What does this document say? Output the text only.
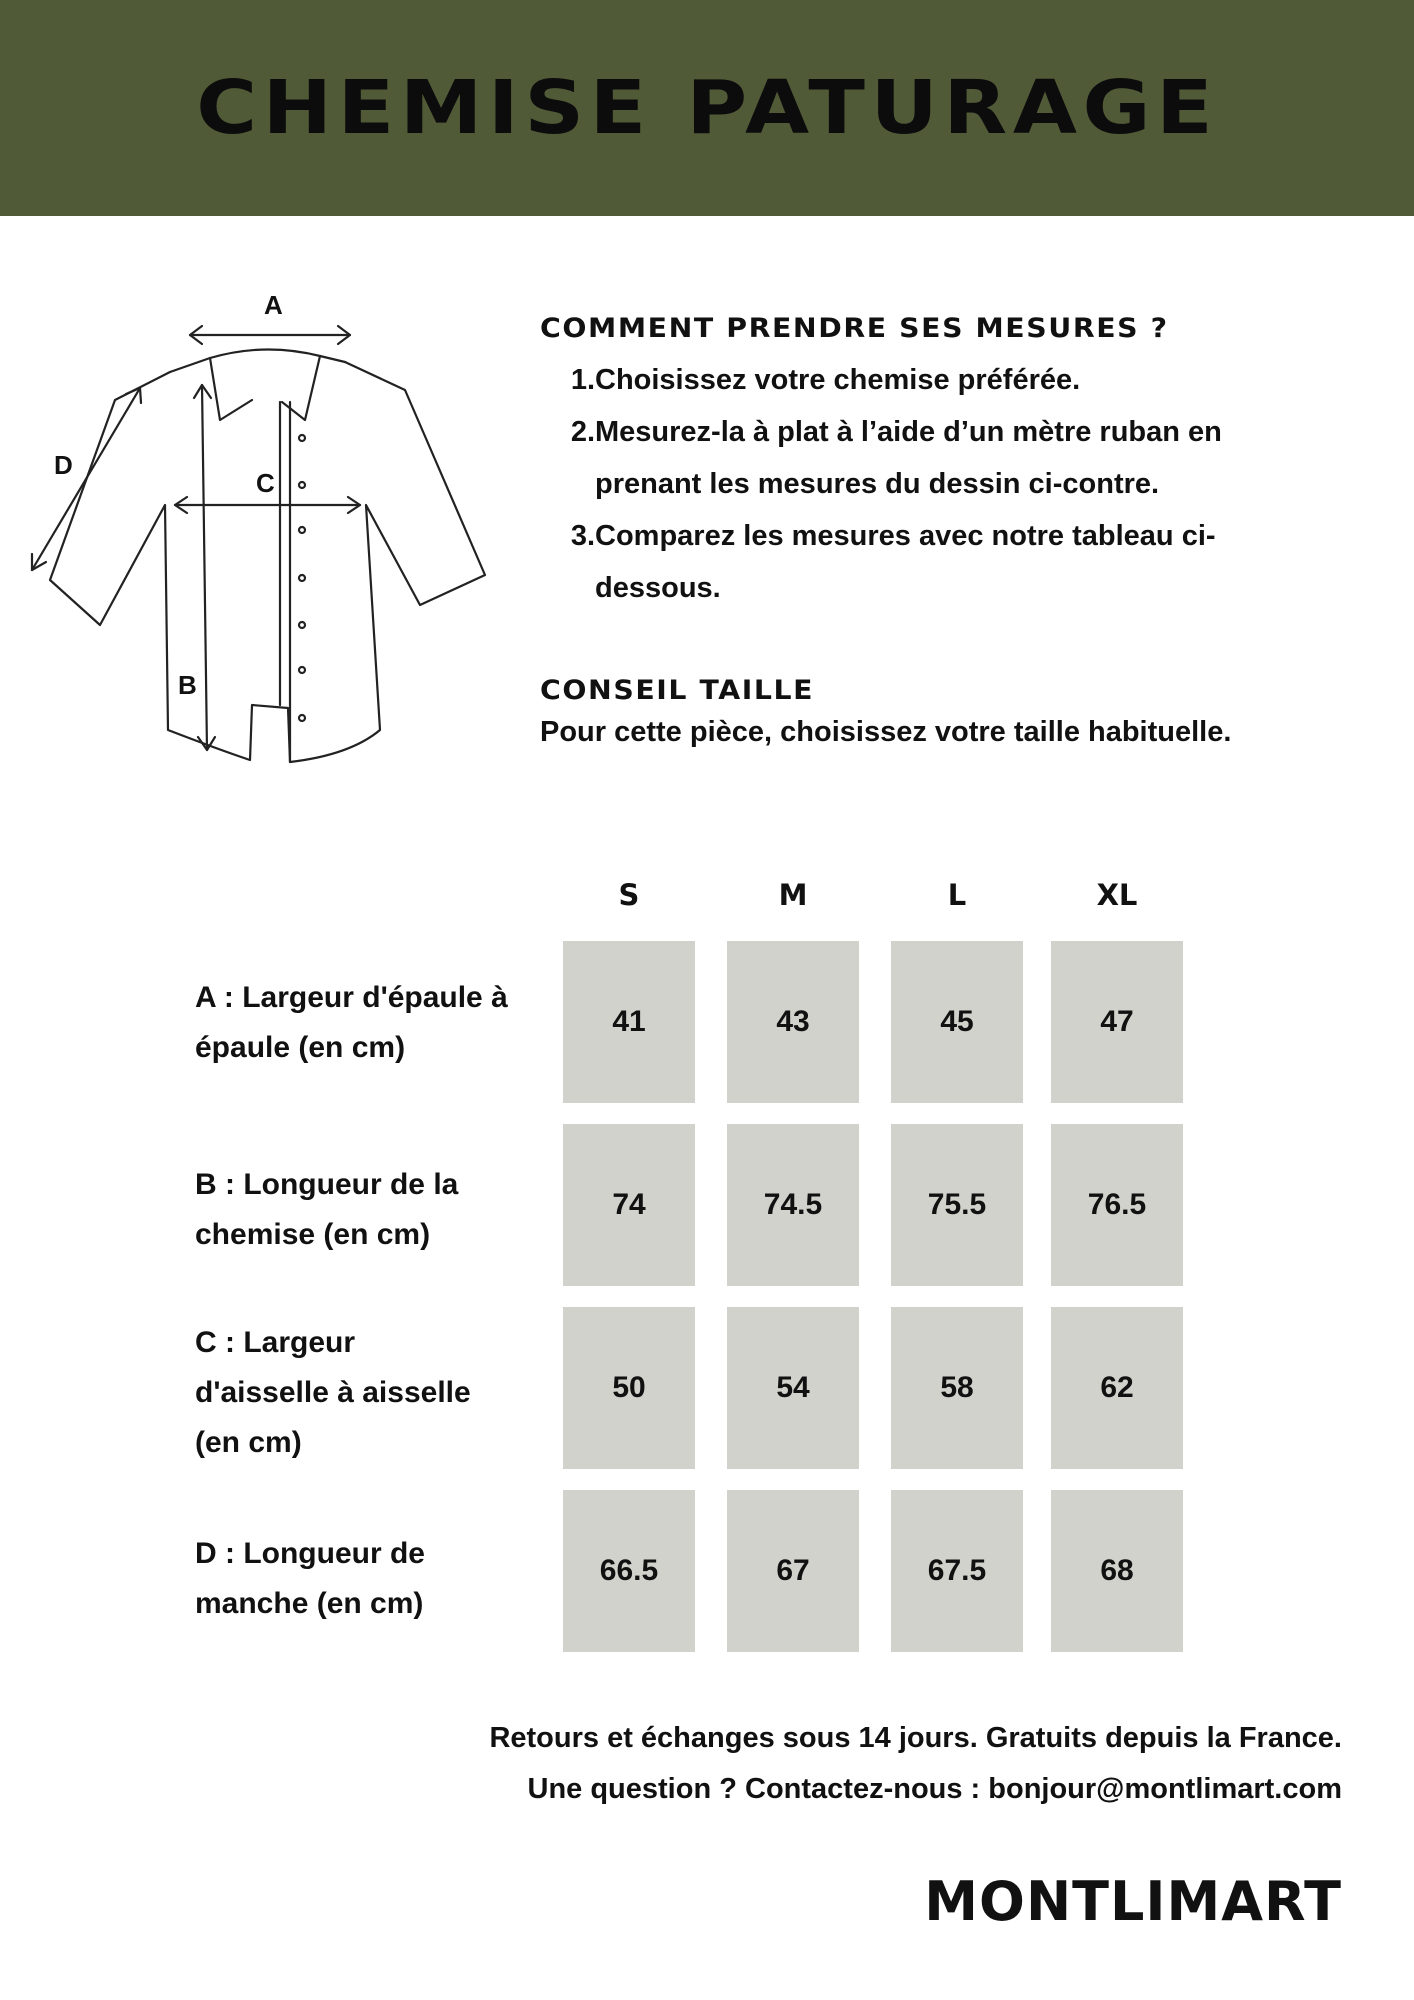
CHEMISE PATURAGE
A
D
C
B
COMMENT PRENDRE SES MESURES ?
1. Choisissez votre chemise préférée.
2. Mesurez-la à plat à l’aide d’un mètre ruban en prenant les mesures du dessin ci-contre.
3. Comparez les mesures avec notre tableau ci-dessous.
CONSEIL TAILLE
Pour cette pièce, choisissez votre taille habituelle.
S	M	L	XL
A : Largeur d'épaule à épaule (en cm)
41	43	45	47
B : Longueur de la chemise (en cm)
74	74.5	75.5	76.5
C : Largeur d'aisselle à aisselle (en cm)
50	54	58	62
D : Longueur de manche (en cm)
66.5	67	67.5	68
Retours et échanges sous 14 jours. Gratuits depuis la France.
Une question ? Contactez-nous : bonjour@montlimart.com
MONTLIMART
